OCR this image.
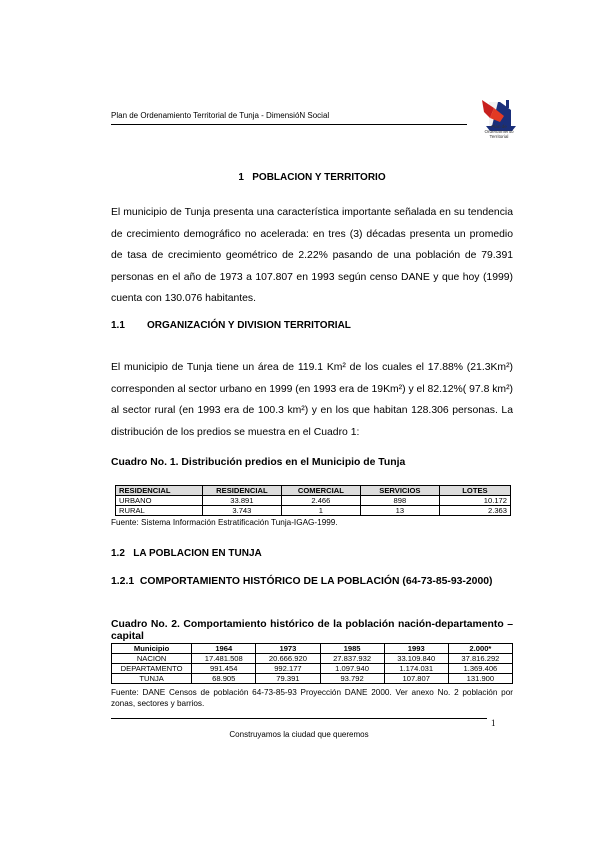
Plan de Ordenamiento Territorial de Tunja - DimensióN Social
Plan de
Ordenamiento
Territorial
1 POBLACION Y TERRITORIO
El municipio de Tunja presenta una característica importante señalada en su tendencia de crecimiento demográfico no acelerada: en tres (3) décadas presenta un promedio de tasa de crecimiento geométrico de 2.22% pasando de una población de 79.391 personas en el año de 1973 a 107.807 en 1993 según censo DANE y que hoy (1999) cuenta con 130.076 habitantes.
1.1 ORGANIZACIÓN Y DIVISION TERRITORIAL
El municipio de Tunja tiene un área de 119.1 Km² de los cuales el 17.88% (21.3Km²) corresponden al sector urbano en 1999 (en 1993 era de 19Km²) y el 82.12%( 97.8 km²) al sector rural (en 1993 era de 100.3 km²) y en los que habitan 128.306 personas. La distribución de los predios se muestra en el Cuadro 1:
Cuadro No. 1. Distribución predios en el Municipio de Tunja
RESIDENCIAL	RESIDENCIAL	COMERCIAL	SERVICIOS	LOTES
URBANO	33.891	2.466	898	10.172
RURAL	3.743	1	13	2.363
Fuente: Sistema Información Estratificación Tunja-IGAG-1999.
1.2 LA POBLACION EN TUNJA
1.2.1 COMPORTAMIENTO HISTÓRICO DE LA POBLACIÓN (64-73-85-93-2000)
Cuadro No. 2. Comportamiento histórico de la población nación-departamento – capital
Municipio	1964	1973	1985	1993	2.000*
NACION	17.481.508	20.666.920	27.837.932	33.109.840	37.816.292
DEPARTAMENTO	991.454	992.177	1.097.940	1.174.031	1.369.406
TUNJA	68.905	79.391	93.792	107.807	131.900
Fuente: DANE Censos de población 64-73-85-93 Proyección DANE 2000. Ver anexo No. 2 población por zonas, sectores y barrios.
1
Construyamos la ciudad que queremos
